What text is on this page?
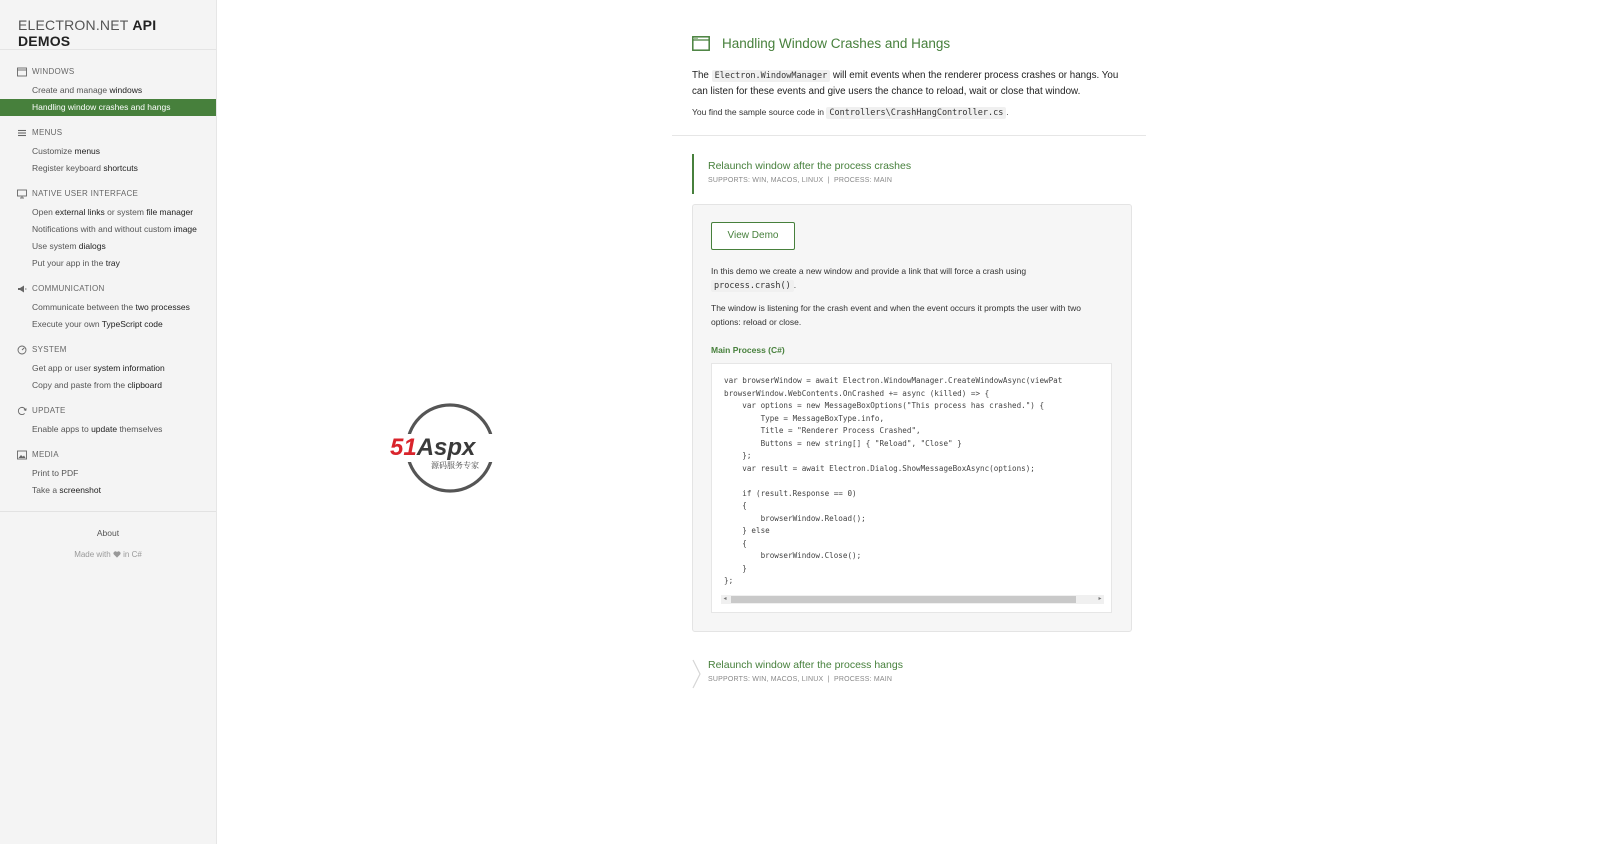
ELECTRON.NET API DEMOS
WINDOWS
Create and manage windows
Handling window crashes and hangs
MENUS
Customize menus
Register keyboard shortcuts
NATIVE USER INTERFACE
Open external links or system file manager
Notifications with and without custom image
Use system dialogs
Put your app in the tray
COMMUNICATION
Communicate between the two processes
Execute your own TypeScript code
SYSTEM
Get app or user system information
Copy and paste from the clipboard
UPDATE
Enable apps to update themselves
MEDIA
Print to PDF
Take a screenshot
About
Made with in C#
51Aspx
源码服务专家
Handling Window Crashes and Hangs

The Electron.WindowManager will emit events when the renderer process crashes or hangs. You can listen for these events and give users the chance to reload, wait or close that window.

You find the sample source code in Controllers\CrashHangController.cs .

Relaunch window after the process crashes
SUPPORTS: WIN, MACOS, LINUX  |  PROCESS: MAIN
View Demo

In this demo we create a new window and provide a link that will force a crash using process.crash() .

The window is listening for the crash event and when the event occurs it prompts the user with two options: reload or close.

Main Process (C#)
var browserWindow = await Electron.WindowManager.CreateWindowAsync(viewPat
browserWindow.WebContents.OnCrashed += async (killed) => {
var options = new MessageBoxOptions("This process has crashed.") {
Type = MessageBoxType.info,
Title = "Renderer Process Crashed",
Buttons = new string[] { "Reload", "Close" }
};
var result = await Electron.Dialog.ShowMessageBoxAsync(options);

if (result.Response == 0)
{
browserWindow.Reload();
} else
{
browserWindow.Close();
}
};
◂	▸
Relaunch window after the process hangs
SUPPORTS: WIN, MACOS, LINUX  |  PROCESS: MAIN
